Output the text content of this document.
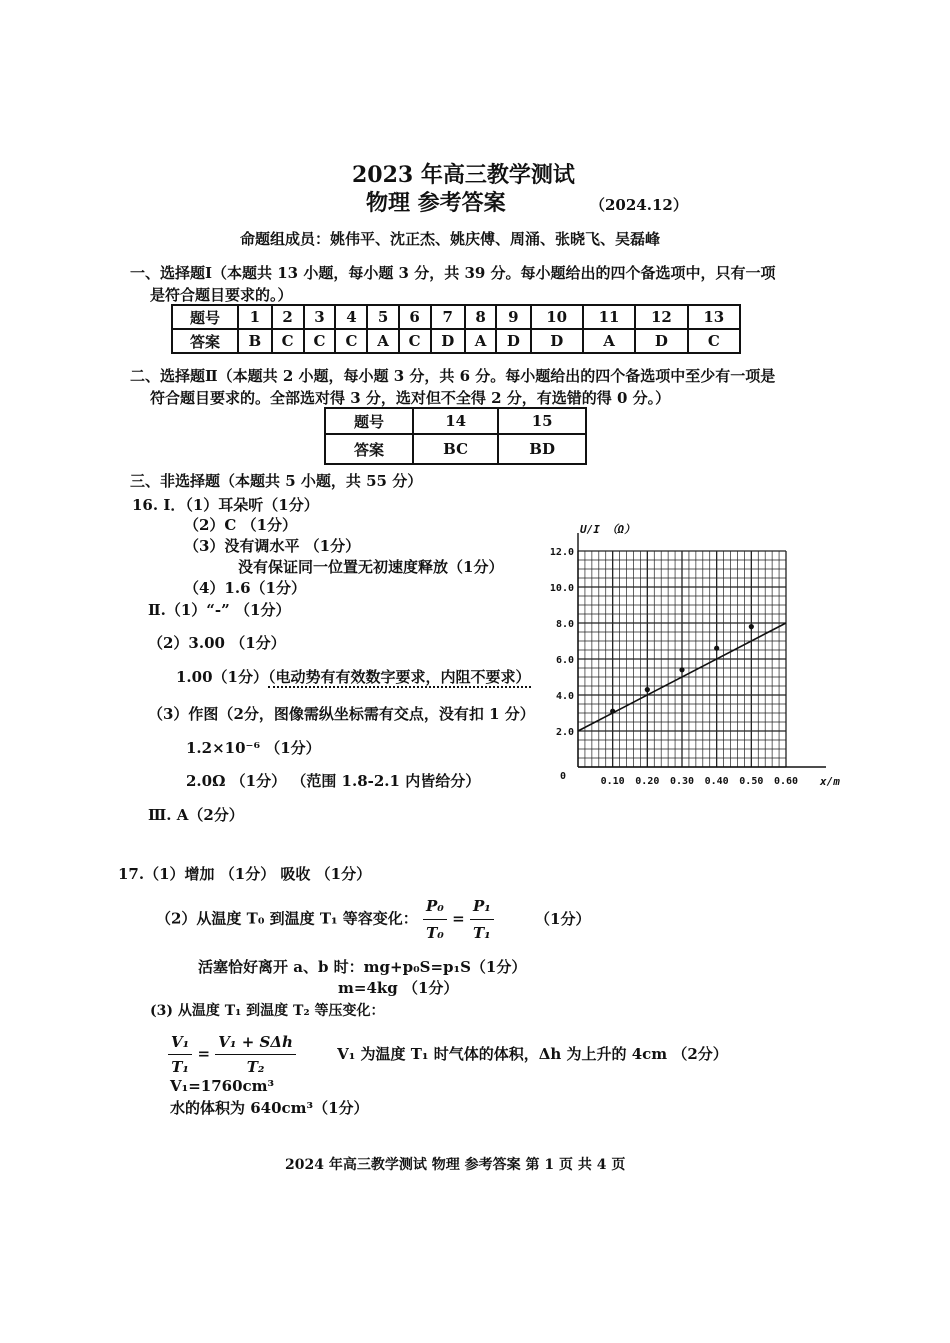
2023 年高三教学测试
物理 参考答案	（2024.12）
命题组成员：姚伟平、沈正杰、姚庆傅、周涌、张晓飞、吴磊峰
一、选择题Ⅰ（本题共 13 小题，每小题 3 分，共 39 分。每小题给出的四个备选项中，只有一项
是符合题目要求的。）
题号	1	2	3	4	5	6	7	8	9	10	11	12	13
答案	B	C	C	C	A	C	D	A	D	D	A	D	C
二、选择题Ⅱ（本题共 2 小题，每小题 3 分，共 6 分。每小题给出的四个备选项中至少有一项是
符合题目要求的。全部选对得 3 分，选对但不全得 2 分，有选错的得 0 分。）
题号	14	15
答案	BC	BD
三、非选择题（本题共 5 小题，共 55 分）
16. Ⅰ．（1）耳朵听（1分）
（2）C （1分）
（3）没有调水平 （1分）
没有保证同一位置无初速度释放（1分）
（4）1.6（1分）
Ⅱ.（1）“-” （1分）
（2）3.00 （1分）
1.00（1分）（电动势有有效数字要求，内阻不要求）
（3）作图（2分，图像需纵坐标需有交点，没有扣 1 分）
1.2×10⁻⁶ （1分）
2.0Ω （1分） （范围 1.8-2.1 内皆给分）
Ⅲ. A（2分）
0.10 0.20 0.30 0.40 0.50 0.60
2.0
4.0
6.0
8.0
10.0
12.0
0
U/I （Ω）
x/m
17.（1）增加 （1分） 吸收 （1分）
（2）从温度 T₀ 到温度 T₁ 等容变化： $\frac{\text{P₀}}{\text{T₀}} = \frac{\text{P₁}}{\text{T₁}}$	（1分）
活塞恰好离开 a、b 时：mg+p₀S=p₁S（1分）
m=4kg （1分）
(3) 从温度 T₁ 到温度 T₂ 等压变化：
$\frac{\text{V₁}}{\text{T₁}} = \frac{\text{V₁ + SΔh}}{\text{T₂}}$	V₁ 为温度 T₁ 时气体的体积，Δh 为上升的 4cm （2分）
V₁=1760cm³
水的体积为 640cm³（1分）
2024 年高三教学测试 物理 参考答案 第 1 页 共 4 页
